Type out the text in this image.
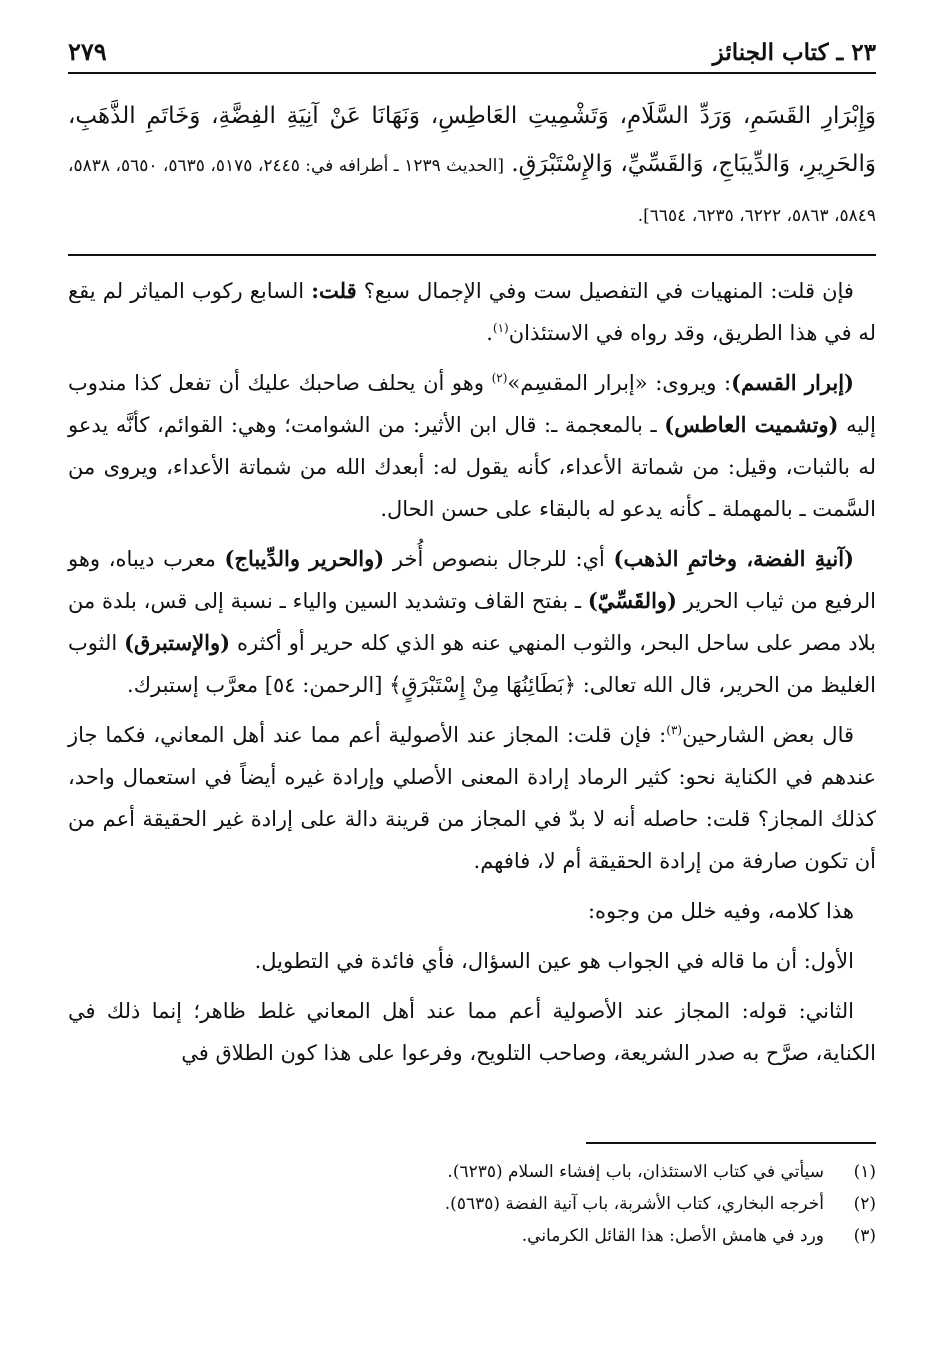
٢٣ ـ كتاب الجنائز
٢٧٩
وَإِبْرَارِ القَسَمِ، وَرَدِّ السَّلَامِ، وَتَشْمِيتِ العَاطِسِ، وَنَهَانَا عَنْ آنِيَةِ الفِضَّةِ، وَخَاتَمِ الذَّهَبِ، وَالحَرِيرِ، وَالدِّيبَاجِ، وَالقَسِّيِّ، وَالإِسْتَبْرَقِ. [الحديث ١٢٣٩ ـ أطرافه في: ٢٤٤٥، ٥١٧٥، ٥٦٣٥، ٥٦٥٠، ٥٨٣٨، ٥٨٤٩، ٥٨٦٣، ٦٢٢٢، ٦٢٣٥، ٦٦٥٤].

فإن قلت: المنهيات في التفصيل ست وفي الإجمال سبع؟ قلت: السابع ركوب المياثر لم يقع له في هذا الطريق، وقد رواه في الاستئذان$^{(١)}$.

(إبرار القسم): ويروى: «إبرار المقسِم»$^{(٢)}$ وهو أن يحلف صاحبك عليك أن تفعل كذا مندوب إليه (وتشميت العاطس) ـ بالمعجمة ـ: قال ابن الأثير: من الشوامت؛ وهي: القوائم، كأنَّه يدعو له بالثبات، وقيل: من شماتة الأعداء، كأنه يقول له: أبعدك الله من شماتة الأعداء، ويروى من السَّمت ـ بالمهملة ـ كأنه يدعو له بالبقاء على حسن الحال.

(آنيةِ الفضة، وخاتمِ الذهب) أي: للرجال بنصوص أُخر (والحرير والدِّيباج) معرب ديباه، وهو الرفيع من ثياب الحرير (والقَسِّيّ) ـ بفتح القاف وتشديد السين والياء ـ نسبة إلى قس، بلدة من بلاد مصر على ساحل البحر، والثوب المنهي عنه هو الذي كله حرير أو أكثره (والإستبرق) الثوب الغليظ من الحرير، قال الله تعالى: ﴿بَطَائِنُهَا مِنْ إِسْتَبْرَقٍ﴾ [الرحمن: ٥٤] معرَّب إستبرك.

قال بعض الشارحين$^{(٣)}$: فإن قلت: المجاز عند الأصولية أعم مما عند أهل المعاني، فكما جاز عندهم في الكناية نحو: كثير الرماد إرادة المعنى الأصلي وإرادة غيره أيضاً في استعمال واحد، كذلك المجاز؟ قلت: حاصله أنه لا بدّ في المجاز من قرينة دالة على إرادة غير الحقيقة أعم من أن تكون صارفة من إرادة الحقيقة أم لا، فافهم.

هذا كلامه، وفيه خلل من وجوه:

الأول: أن ما قاله في الجواب هو عين السؤال، فأي فائدة في التطويل.

الثاني: قوله: المجاز عند الأصولية أعم مما عند أهل المعاني غلط ظاهر؛ إنما ذلك في الكناية، صرَّح به صدر الشريعة، وصاحب التلويح، وفرعوا على هذا كون الطلاق في

(١)
سيأتي في كتاب الاستئذان، باب إفشاء السلام (٦٢٣٥).
(٢)
أخرجه البخاري، كتاب الأشربة، باب آنية الفضة (٥٦٣٥).
(٣)
ورد في هامش الأصل: هذا القائل الكرماني.
